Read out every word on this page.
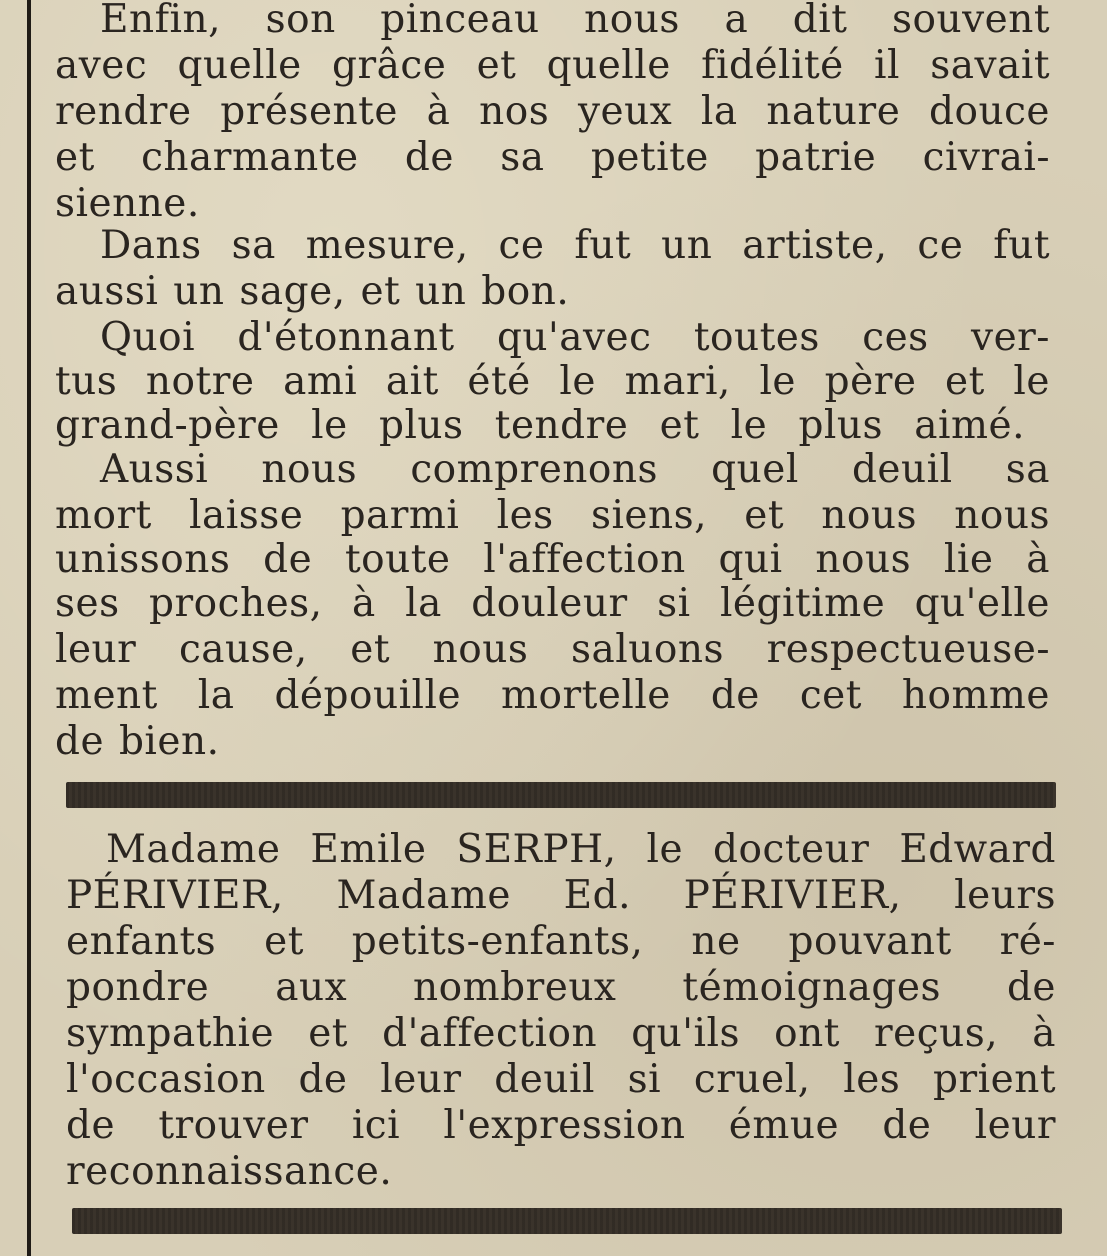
Enfin, son pinceau nous a dit souvent
avec quelle grâce et quelle fidélité il savait
rendre présente à nos yeux la nature douce
et charmante de sa petite patrie civrai-
sienne.
Dans sa mesure, ce fut un artiste, ce fut
aussi un sage, et un bon.
Quoi d'étonnant qu'avec toutes ces ver-
tus notre ami ait été le mari, le père et le
grand-père le plus tendre et le plus aimé.
Aussi nous comprenons quel deuil sa
mort laisse parmi les siens, et nous nous
unissons de toute l'affection qui nous lie à
ses proches, à la douleur si légitime qu'elle
leur cause, et nous saluons respectueuse-
ment la dépouille mortelle de cet homme
de bien.
Madame Emile SERPH, le docteur Edward
PÉRIVIER, Madame Ed. PÉRIVIER, leurs
enfants et petits-enfants, ne pouvant ré-
pondre aux nombreux témoignages de
sympathie et d'affection qu'ils ont reçus, à
l'occasion de leur deuil si cruel, les prient
de trouver ici l'expression émue de leur
reconnaissance.
